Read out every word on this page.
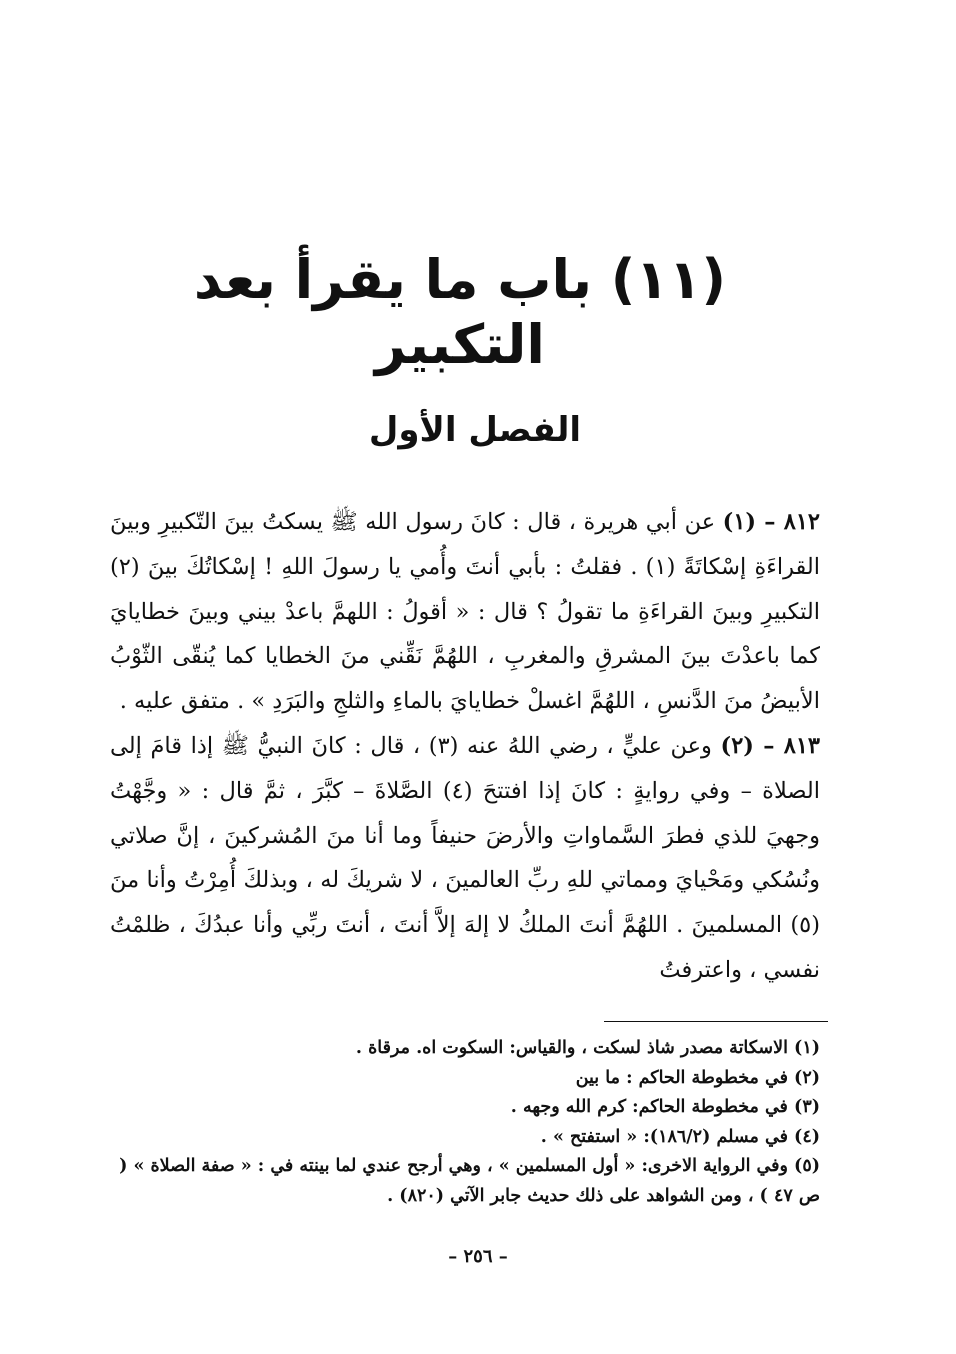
(١١) باب ما يقرأ بعد التكبير
الفصل الأول

٨١٢ – (١) عن أبي هريرة ، قال : كانَ رسول الله ﷺ يسكتُ بينَ التّكبيرِ وبينَ القراءَةِ إسْكاتَةً (١) . فقلتُ : بأبي أنتَ وأُمي يا رسولَ اللهِ ! إسْكاتُكَ بينَ (٢) التكبيرِ وبينَ القراءَةِ ما تقولُ ؟ قال : « أقولُ : اللهمَّ باعدْ بيني وبينَ خطايايَ كما باعدْتَ بينَ المشرقِ والمغربِ ، اللهُمَّ نَقِّني منَ الخطايا كما يُنقّى الثّوْبُ الأبيضُ منَ الدَّنسِ ، اللهُمَّ اغسلْ خطايايَ بالماءِ والثلجِ والبَرَدِ » . متفق عليه .

٨١٣ – (٢) وعن عليٍّ ، رضي اللهُ عنه (٣) ، قال : كانَ النبيُّ ﷺ إذا قامَ إلى الصلاة – وفي روايةٍ : كانَ إذا افتتحَ (٤) الصَّلاةَ – كبَّرَ ، ثمَّ قال : « وجَّهْتُ وجهيَ للذي فطرَ السَّماواتِ والأرضَ حنيفاً وما أنا منَ المُشركينَ ، إنَّ صلاتي ونُسُكي ومَحْيايَ ومماتي للهِ ربِّ العالمينَ ، لا شريكَ له ، وبذلكَ أُمِرْتُ وأنا منَ (٥) المسلمينَ . اللهُمَّ أنتَ الملكُ لا إلهَ إلاَّ أنتَ ، أنتَ ربِّي وأنا عبدُكَ ، ظلمْتُ نفسي ، واعترفتُ

(١) الاسكاتة مصدر شاذ لسكت ، والقياس: السكوت اه. مرقاة .

(٢) في مخطوطة الحاكم : ما بين

(٣) في مخطوطة الحاكم: كرم الله وجهه .

(٤) في مسلم (١٨٦/٢): « استفتح » .

(٥) وفي الرواية الاخرى: « أول المسلمين » ، وهي أرجح عندي لما بينته في : « صفة الصلاة » ( ص ٤٧ ) ، ومن الشواهد على ذلك حديث جابر الآتي (٨٢٠) .

– ٢٥٦ –
